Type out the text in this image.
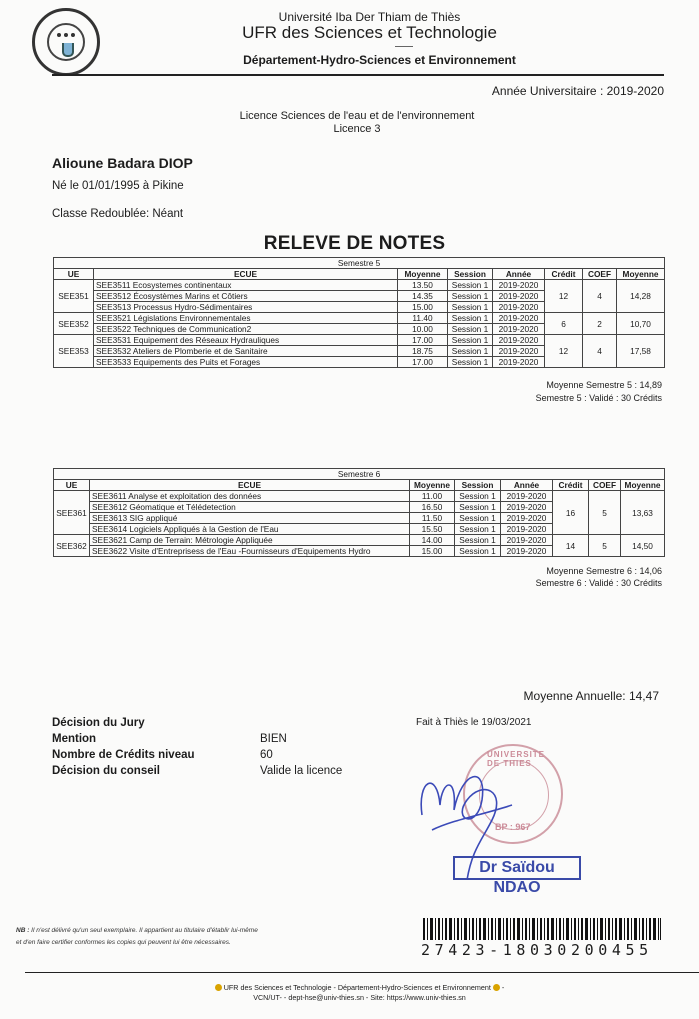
Université Iba Der Thiam de Thiès
UFR des Sciences et Technologie
Département-Hydro-Sciences et Environnement
Année Universitaire : 2019-2020
Licence Sciences de l'eau et de l'environnement
Licence 3
Alioune Badara DIOP
Né le 01/01/1995 à Pikine
Classe Redoublée: Néant
RELEVE DE NOTES
Semestre 5							
UE	ECUE	Moyenne	Session	Année	Crédit	COEF	Moyenne
SEE351	SEE3511 Ecosystemes continentaux	13.50	Session 1	2019-2020	12	4	14,28
	SEE3512 Écosystèmes Marins et Côtiers	14.35	Session 1	2019-2020			
	SEE3513 Processus Hydro-Sédimentaires	15.00	Session 1	2019-2020			
SEE352	SEE3521 Législations Environnementales	11.40	Session 1	2019-2020	6	2	10,70
	SEE3522 Techniques de Communication2	10.00	Session 1	2019-2020			
SEE353	SEE3531 Equipement des Réseaux Hydrauliques	17.00	Session 1	2019-2020	12	4	17,58
	SEE3532 Ateliers de Plomberie et de Sanitaire	18.75	Session 1	2019-2020			
	SEE3533 Equipements des Puits et Forages	17.00	Session 1	2019-2020			
Moyenne Semestre 5 : 14,89
Semestre 5 : Validé : 30 Crédits
Semestre 6							
UE	ECUE	Moyenne	Session	Année	Crédit	COEF	Moyenne
SEE361	SEE3611 Analyse et exploitation des données	11.00	Session 1	2019-2020	16	5	13,63
	SEE3612 Géomatique et Télédetection	16.50	Session 1	2019-2020			
	SEE3613 SIG appliqué	11.50	Session 1	2019-2020			
	SEE3614 Logiciels Appliqués à la Gestion de l'Eau	15.50	Session 1	2019-2020			
SEE362	SEE3621 Camp de Terrain: Métrologie Appliquée	14.00	Session 1	2019-2020	14	5	14,50
	SEE3622 Visite d'Entreprisess de l'Eau -Fournisseurs d'Equipements Hydro	15.00	Session 1	2019-2020			
Moyenne Semestre 6 : 14,06
Semestre 6 : Validé : 30 Crédits
Moyenne Annuelle: 14,47
Décision du Jury
Mention	BIEN
Nombre de Crédits niveau	60
Décision du conseil	Valide la licence
Fait à Thiès le 19/03/2021
UNIVERSITE DE THIES
BP : 967
Dr Saïdou NDAO
NB : Il n'est délivré qu'un seul exemplaire. Il appartient au titulaire d'établir lui-même
et d'en faire certifier conformes les copies qui peuvent lui être nécessaires.	27423-18030200455
UFR des Sciences et Technologie - Département-Hydro-Sciences et Environnement -
VCN/UT- - dept-hse@univ-thies.sn - Site: https://www.univ-thies.sn
